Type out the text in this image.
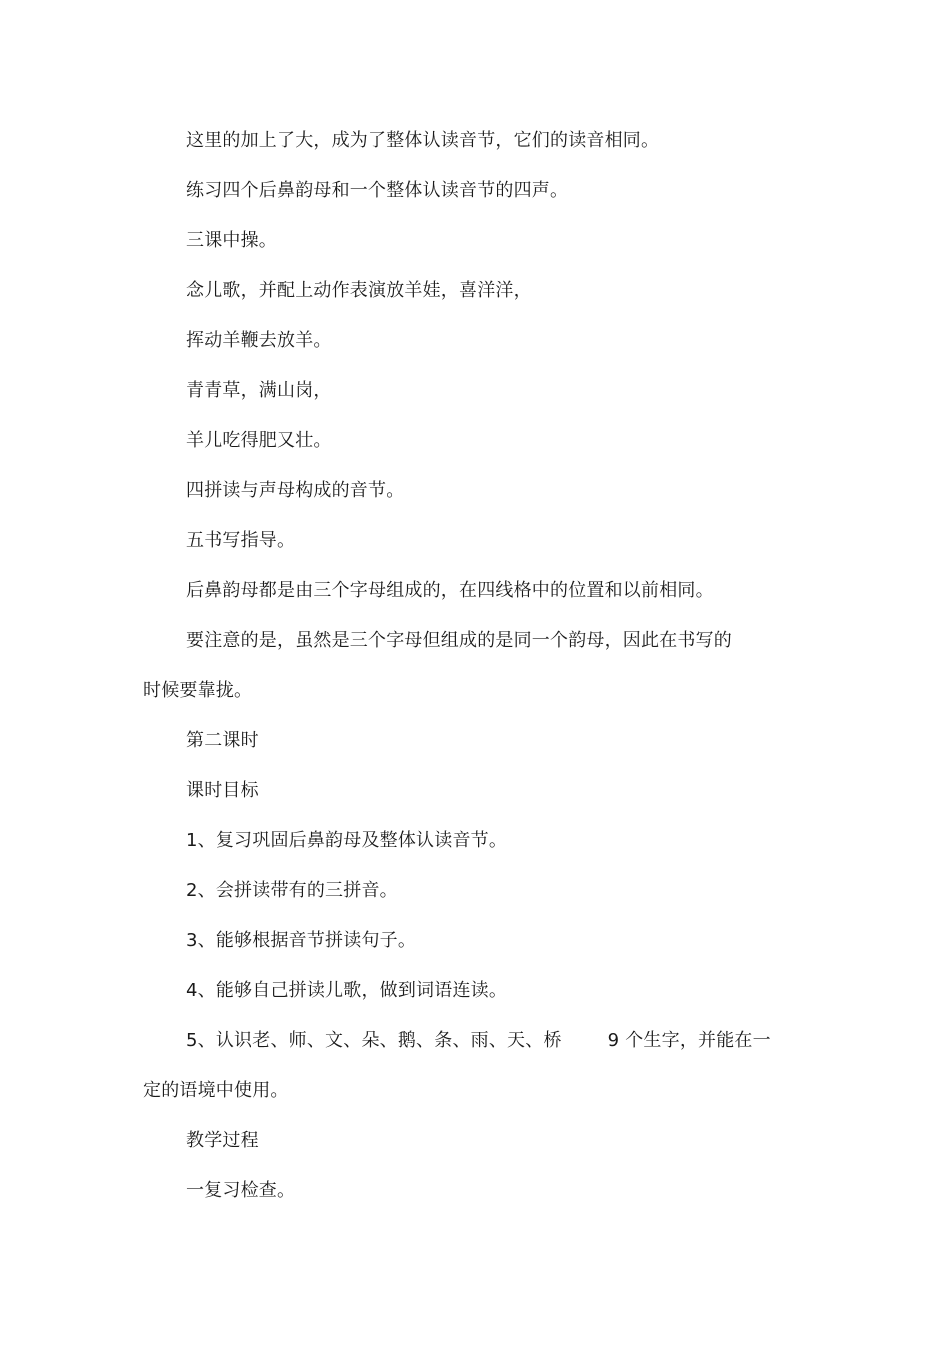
这里的加上了大，成为了整体认读音节，它们的读音相同。
练习四个后鼻韵母和一个整体认读音节的四声。
三课中操。
念儿歌，并配上动作表演放羊娃，喜洋洋，
挥动羊鞭去放羊。
青青草，满山岗，
羊儿吃得肥又壮。
四拼读与声母构成的音节。
五书写指导。
后鼻韵母都是由三个字母组成的，在四线格中的位置和以前相同。
要注意的是，虽然是三个字母但组成的是同一个韵母，因此在书写的
时候要靠拢。
第二课时
课时目标
1、复习巩固后鼻韵母及整体认读音节。
2、会拼读带有的三拼音。
3、能够根据音节拼读句子。
4、能够自己拼读儿歌，做到词语连读。
5、认识老、师、文、朵、鹅、条、雨、天、桥	9 个生字，并能在一
定的语境中使用。
教学过程
一复习检查。
